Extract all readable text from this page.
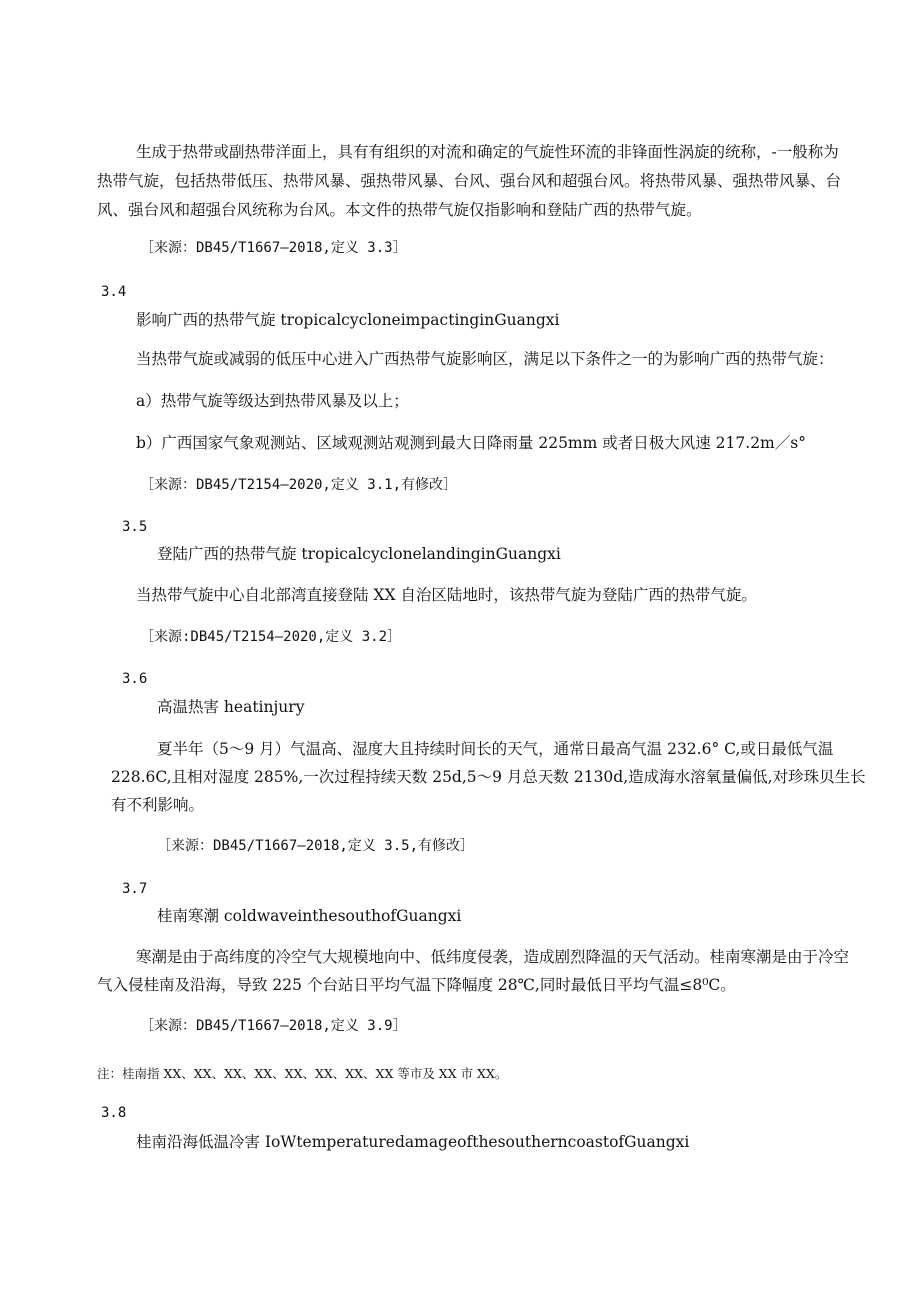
生成于热带或副热带洋面上，具有有组织的对流和确定的气旋性环流的非锋面性涡旋的统称，-一般称为
热带气旋，包括热带低压、热带风暴、强热带风暴、台风、强台风和超强台风。将热带风暴、强热带风暴、台
风、强台风和超强台风统称为台风。本文件的热带气旋仅指影响和登陆广西的热带气旋。
［来源：DB45/T1667—2018,定义 3.3］
3.4
影响广西的热带气旋 tropicalcycloneimpactinginGuangxi
当热带气旋或减弱的低压中心进入广西热带气旋影响区，满足以下条件之一的为影响广西的热带气旋：
a）热带气旋等级达到热带风暴及以上；
b）广西国家气象观测站、区域观测站观测到最大日降雨量 225mm 或者日极大风速 217.2m／s°
［来源：DB45/T2154—2020,定义 3.1,有修改］
3.5
登陆广西的热带气旋 tropicalcyclonelandinginGuangxi
当热带气旋中心自北部湾直接登陆 XX 自治区陆地时，该热带气旋为登陆广西的热带气旋。
［来源:DB45/T2154—2020,定义 3.2］
3.6
高温热害 heatinjury
夏半年（5～9 月）气温高、湿度大且持续时间长的天气，通常日最高气温 232.6° C,或日最低气温
228.6C,且相对湿度 285%,一次过程持续天数 25d,5～9 月总天数 2130d,造成海水溶氧量偏低,对珍珠贝生长
有不利影响。
［来源：DB45/T1667—2018,定义 3.5,有修改］
3.7
桂南寒潮 coldwaveinthesouthofGuangxi
寒潮是由于高纬度的冷空气大规模地向中、低纬度侵袭，造成剧烈降温的天气活动。桂南寒潮是由于冷空
气入侵桂南及沿海，导致 225 个台站日平均气温下降幅度 28℃,同时最低日平均气温≤8⁰C。
［来源：DB45/T1667—2018,定义 3.9］
注：桂南指 XX、XX、XX、XX、XX、XX、XX、XX 等市及 XX 市 XX。
3.8
桂南沿海低温冷害 IoWtemperaturedamageofthesoutherncoastofGuangxi
